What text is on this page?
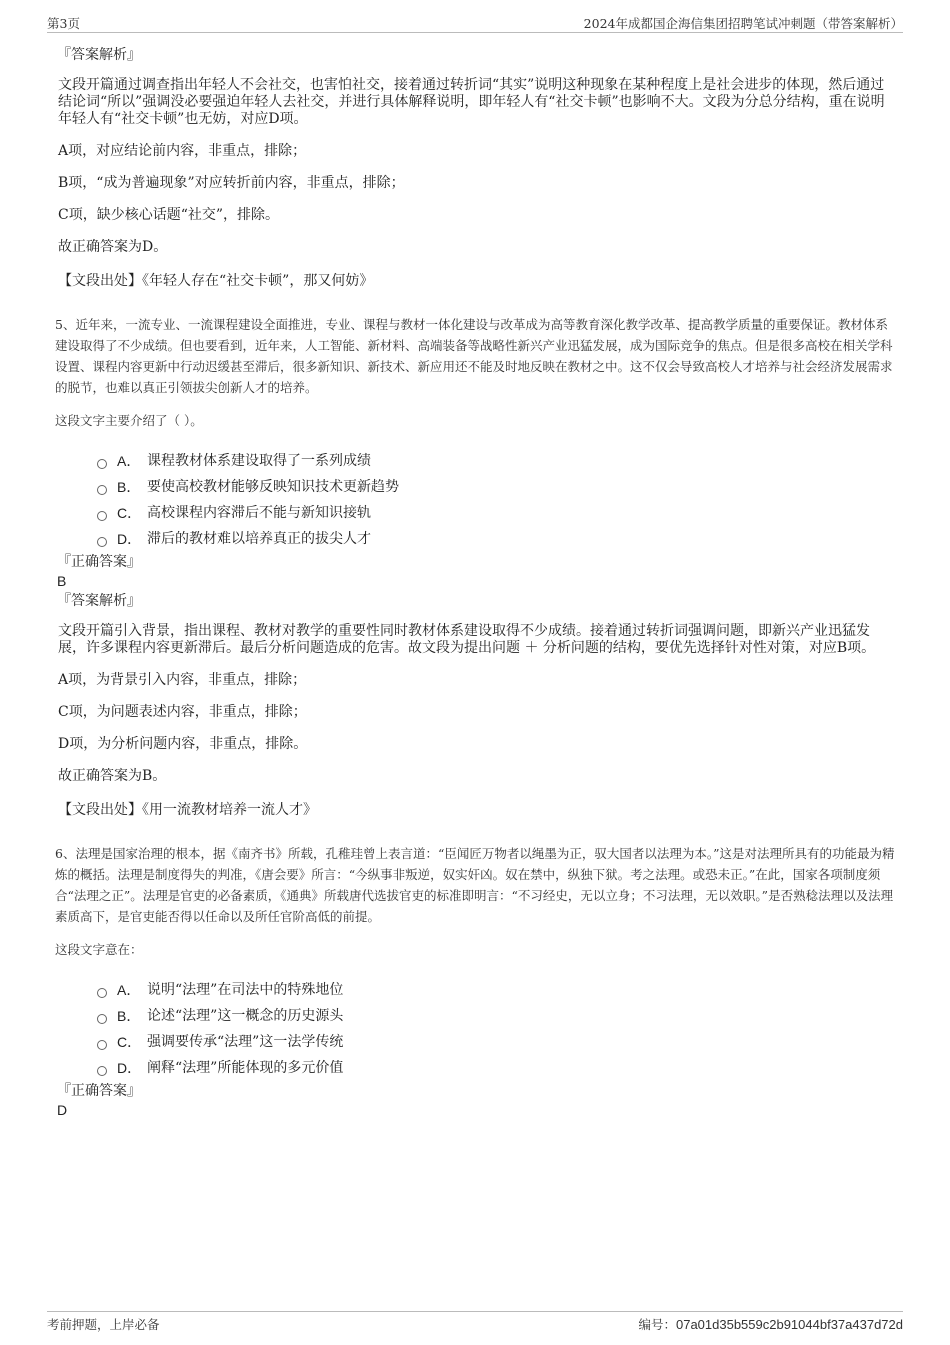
第3页	2024年成都国企海信集团招聘笔试冲刺题（带答案解析）

『答案解析』

文段开篇通过调查指出年轻人不会社交，也害怕社交，接着通过转折词“其实”说明这种现象在某种程度上是社会进步的体现，然后通过结论词“所以”强调没必要强迫年轻人去社交，并进行具体解释说明，即年轻人有“社交卡顿”也影响不大。文段为分总分结构，重在说明年轻人有“社交卡顿”也无妨，对应D项。

A项，对应结论前内容，非重点，排除；

B项，“成为普遍现象”对应转折前内容，非重点，排除；

C项，缺少核心话题“社交”，排除。

故正确答案为D。

【文段出处】《年轻人存在“社交卡顿”，那又何妨》

5、近年来，一流专业、一流课程建设全面推进，专业、课程与教材一体化建设与改革成为高等教育深化教学改革、提高教学质量的重要保证。教材体系建设取得了不少成绩。但也要看到，近年来，人工智能、新材料、高端装备等战略性新兴产业迅猛发展，成为国际竞争的焦点。但是很多高校在相关学科设置、课程内容更新中行动迟缓甚至滞后，很多新知识、新技术、新应用还不能及时地反映在教材之中。这不仅会导致高校人才培养与社会经济发展需求的脱节，也难以真正引领拔尖创新人才的培养。

这段文字主要介绍了（ ）。

A． 课程教材体系建设取得了一系列成绩
B． 要使高校教材能够反映知识技术更新趋势
C． 高校课程内容滞后不能与新知识接轨
D． 滞后的教材难以培养真正的拔尖人才

『正确答案』

B

『答案解析』

文段开篇引入背景，指出课程、教材对教学的重要性同时教材体系建设取得不少成绩。接着通过转折词强调问题，即新兴产业迅猛发展，许多课程内容更新滞后。最后分析问题造成的危害。故文段为提出问题 ＋ 分析问题的结构，要优先选择针对性对策，对应B项。

A项，为背景引入内容，非重点，排除；

C项，为问题表述内容，非重点，排除；

D项，为分析问题内容，非重点，排除。

故正确答案为B。

【文段出处】《用一流教材培养一流人才》

6、法理是国家治理的根本，据《南齐书》所载，孔稚珪曾上表言道：“臣闻匠万物者以绳墨为正，驭大国者以法理为本。”这是对法理所具有的功能最为精炼的概括。法理是制度得失的判准，《唐会要》所言：“今纵事非叛逆，奴实奸凶。奴在禁中，纵独下狱。考之法理。或恐未正。”在此，国家各项制度须合“法理之正”。法理是官吏的必备素质，《通典》所载唐代选拔官吏的标准即明言：“不习经史，无以立身；不习法理，无以效职。”是否熟稔法理以及法理素质高下，是官吏能否得以任命以及所任官阶高低的前提。

这段文字意在：

A． 说明“法理”在司法中的特殊地位
B． 论述“法理”这一概念的历史源头
C． 强调要传承“法理”这一法学传统
D． 阐释“法理”所能体现的多元价值

『正确答案』

D

考前押题，上岸必备	编号：07a01d35b559c2b91044bf37a437d72d
